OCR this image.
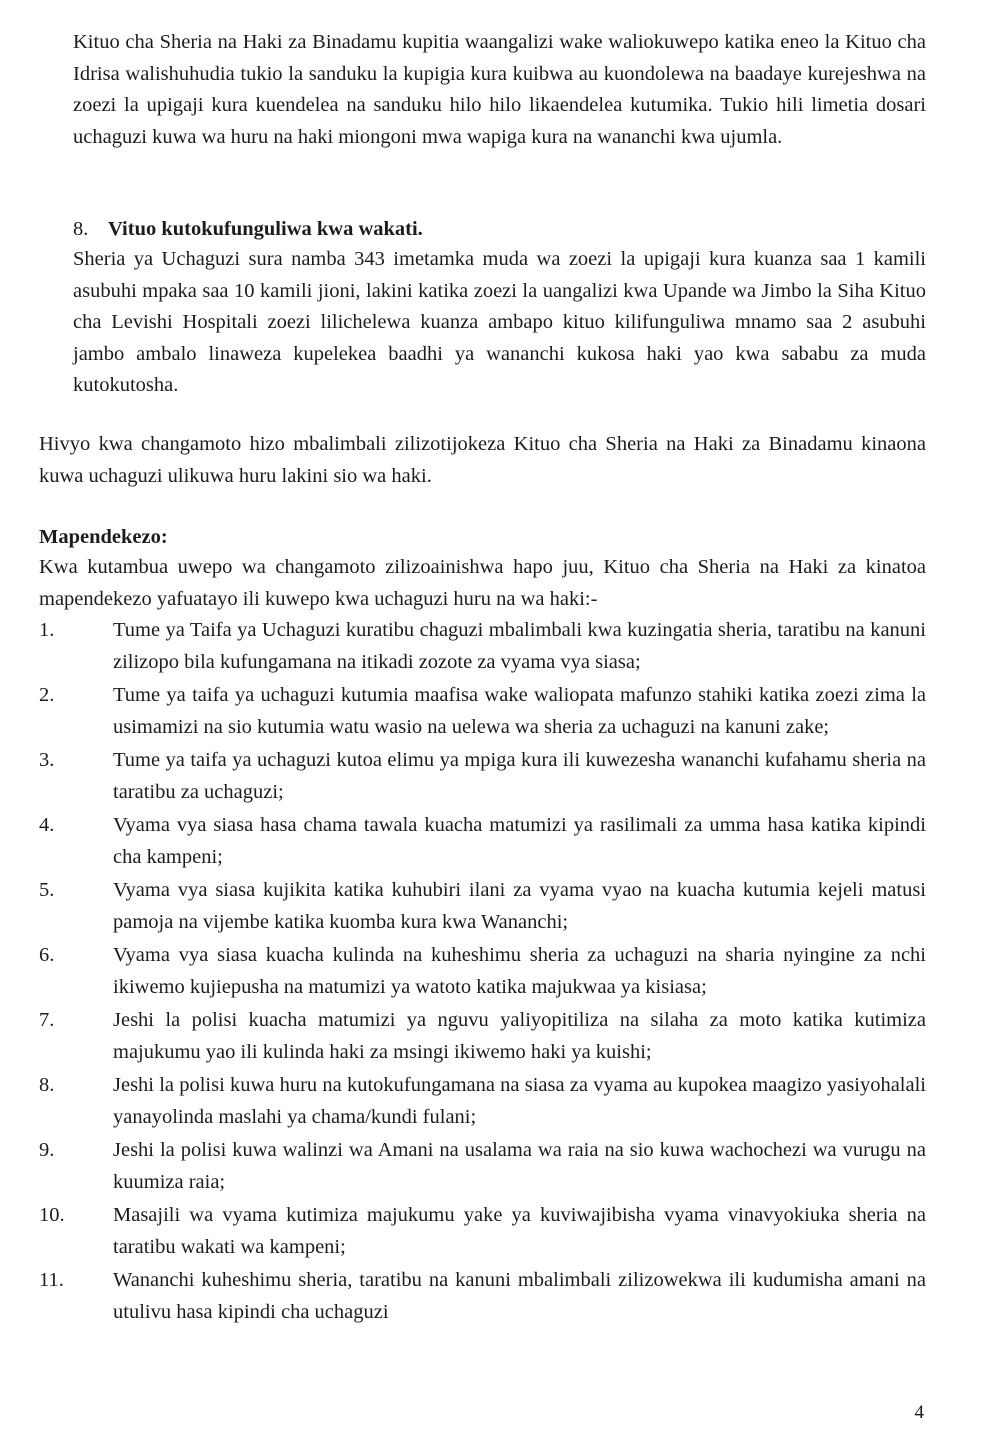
Kituo cha Sheria na Haki za Binadamu kupitia waangalizi wake waliokuwepo katika eneo la Kituo cha Idrisa walishuhudia tukio la sanduku la kupigia kura kuibwa au kuondolewa na baadaye kurejeshwa na zoezi la upigaji kura kuendelea na sanduku hilo hilo likaendelea kutumika. Tukio hili limetia dosari uchaguzi kuwa wa huru na haki miongoni mwa wapiga kura na wananchi kwa ujumla.

8. Vituo kutokufunguliwa kwa wakati.

Sheria ya Uchaguzi sura namba 343 imetamka muda wa zoezi la upigaji kura kuanza saa 1 kamili asubuhi mpaka saa 10 kamili jioni, lakini katika zoezi la uangalizi kwa Upande wa Jimbo la Siha Kituo cha Levishi Hospitali zoezi lilichelewa kuanza ambapo kituo kilifunguliwa mnamo saa 2 asubuhi jambo ambalo linaweza kupelekea baadhi ya wananchi kukosa haki yao kwa sababu za muda kutokutosha.

Hivyo kwa changamoto hizo mbalimbali zilizotijokeza Kituo cha Sheria na Haki za Binadamu kinaona kuwa uchaguzi ulikuwa huru lakini sio wa haki.

Mapendekezo:

Kwa kutambua uwepo wa changamoto zilizoainishwa hapo juu, Kituo cha Sheria na Haki za kinatoa mapendekezo yafuatayo ili kuwepo kwa uchaguzi huru na wa haki:-

1.	Tume ya Taifa ya Uchaguzi kuratibu chaguzi mbalimbali kwa kuzingatia sheria, taratibu na kanuni zilizopo bila kufungamana na itikadi zozote za vyama vya siasa;
2.	Tume ya taifa ya uchaguzi kutumia maafisa wake waliopata mafunzo stahiki katika zoezi zima la usimamizi na sio kutumia watu wasio na uelewa wa sheria za uchaguzi na kanuni zake;
3.	Tume ya taifa ya uchaguzi kutoa elimu ya mpiga kura ili kuwezesha wananchi kufahamu sheria na taratibu za uchaguzi;
4.	Vyama vya siasa hasa chama tawala kuacha matumizi ya rasilimali za umma hasa katika kipindi cha kampeni;
5.	Vyama vya siasa kujikita katika kuhubiri ilani za vyama vyao na kuacha kutumia kejeli matusi pamoja na vijembe katika kuomba kura kwa Wananchi;
6.	Vyama vya siasa kuacha kulinda na kuheshimu sheria za uchaguzi na sharia nyingine za nchi ikiwemo kujiepusha na matumizi ya watoto katika majukwaa ya kisiasa;
7.	Jeshi la polisi kuacha matumizi ya nguvu yaliyopitiliza na silaha za moto katika kutimiza majukumu yao ili kulinda haki za msingi ikiwemo haki ya kuishi;
8.	Jeshi la polisi kuwa huru na kutokufungamana na siasa za vyama au kupokea maagizo yasiyohalali yanayolinda maslahi ya chama/kundi fulani;
9.	Jeshi la polisi kuwa walinzi wa Amani na usalama wa raia na sio kuwa wachochezi wa vurugu na kuumiza raia;
10.	Masajili wa vyama kutimiza majukumu yake ya kuviwajibisha vyama vinavyokiuka sheria na taratibu wakati wa kampeni;
11.	Wananchi kuheshimu sheria, taratibu na kanuni mbalimbali zilizowekwa ili kudumisha amani na utulivu hasa kipindi cha uchaguzi
4
